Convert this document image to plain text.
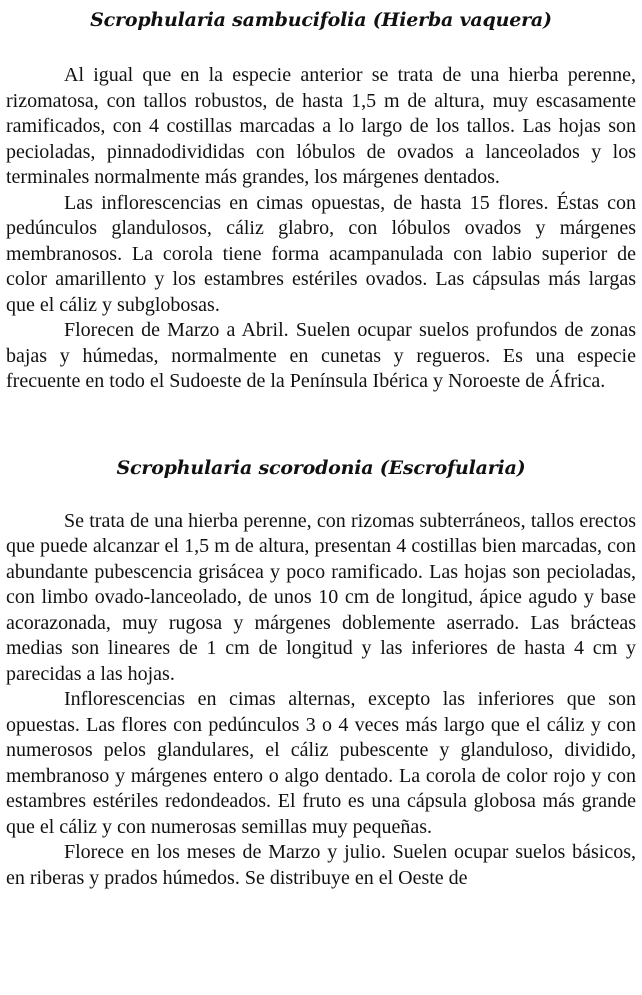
Scrophularia sambucifolia (Hierba vaquera)

Al igual que en la especie anterior se trata de una hierba perenne, rizomatosa, con tallos robustos, de hasta 1,5 m de altura, muy escasamente ramificados, con 4 costillas marcadas a lo largo de los tallos. Las hojas son pecioladas, pinnadodivididas con lóbulos de ovados a lanceolados y los terminales normalmente más grandes, los márgenes dentados.

Las inflorescencias en cimas opuestas, de hasta 15 flores. Éstas con pedúnculos glandulosos, cáliz glabro, con lóbulos ovados y márgenes membranosos. La corola tiene forma acampanulada con labio superior de color amarillento y los estambres estériles ovados. Las cápsulas más largas que el cáliz y subglobosas.

Florecen de Marzo a Abril. Suelen ocupar suelos profundos de zonas bajas y húmedas, normalmente en cunetas y regueros. Es una especie frecuente en todo el Sudoeste de la Península Ibérica y Noroeste de África.

Scrophularia scorodonia (Escrofularia)

Se trata de una hierba perenne, con rizomas subterráneos, tallos erectos que puede alcanzar el 1,5 m de altura, presentan 4 costillas bien marcadas, con abundante pubescencia grisácea y poco ramificado. Las hojas son pecioladas, con limbo ovado-lanceolado, de unos 10 cm de longitud, ápice agudo y base acorazonada, muy rugosa y márgenes doblemente aserrado. Las brácteas medias son lineares de 1 cm de longitud y las inferiores de hasta 4 cm y parecidas a las hojas.

Inflorescencias en cimas alternas, excepto las inferiores que son opuestas. Las flores con pedúnculos 3 o 4 veces más largo que el cáliz y con numerosos pelos glandulares, el cáliz pubescente y glanduloso, dividido, membranoso y márgenes entero o algo dentado. La corola de color rojo y con estambres estériles redondeados. El fruto es una cápsula globosa más grande que el cáliz y con numerosas semillas muy pequeñas.

Florece en los meses de Marzo y julio. Suelen ocupar suelos básicos, en riberas y prados húmedos. Se distribuye en el Oeste de
